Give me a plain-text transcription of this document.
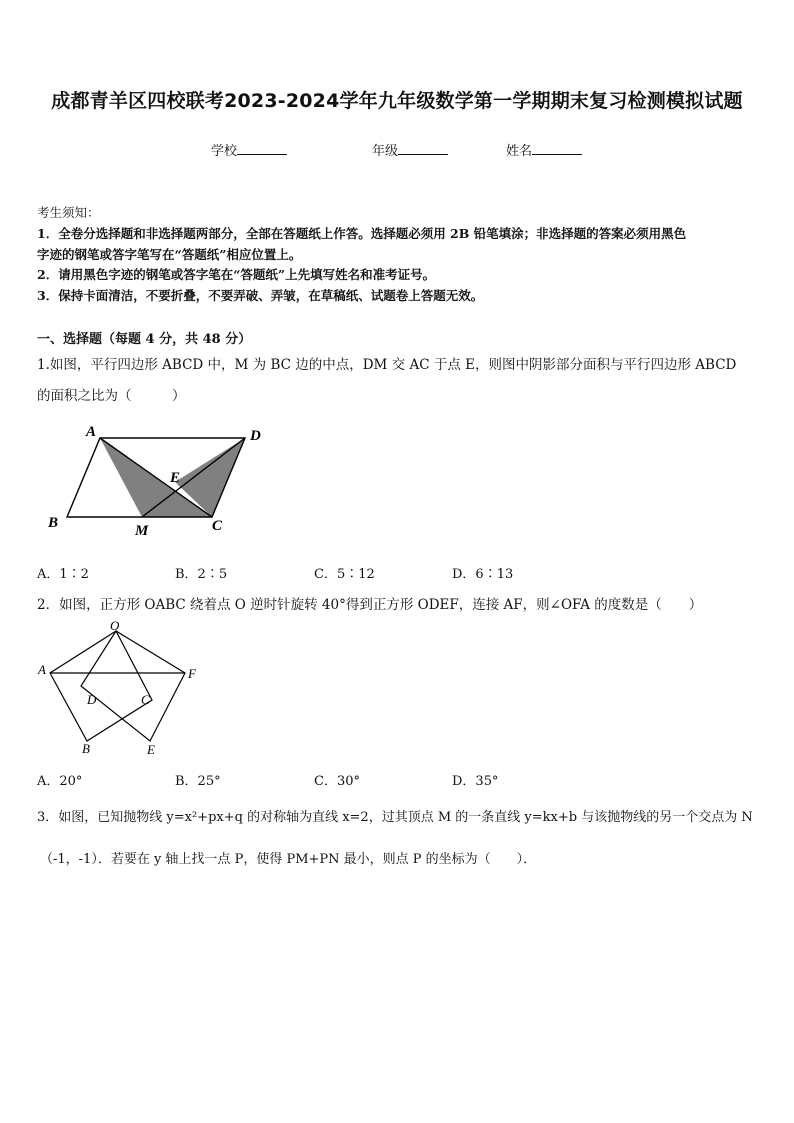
成都青羊区四校联考2023-2024学年九年级数学第一学期期末复习检测模拟试题
学校	年级	姓名
考生须知：
1．全卷分选择题和非选择题两部分，全部在答题纸上作答。选择题必须用 2B 铅笔填涂；非选择题的答案必须用黑色
字迹的钢笔或答字笔写在“答题纸”相应位置上。
2．请用黑色字迹的钢笔或答字笔在“答题纸”上先填写姓名和准考证号。
3．保持卡面清洁，不要折叠，不要弄破、弄皱，在草稿纸、试题卷上答题无效。
一、选择题（每题 4 分，共 48 分）
1.如图，平行四边形 ABCD 中，M 为 BC 边的中点，DM 交 AC 于点 E，则图中阴影部分面积与平行四边形 ABCD
的面积之比为（　　　）
A	D
E
B	M	C
A．1∶2	B．2∶5	C．5∶12	D．6∶13
2．如图，正方形 OABC 绕着点 O 逆时针旋转 40°得到正方形 ODEF，连接 AF，则∠OFA 的度数是（　　）
O
A	F
D	C
B	E
A．20°	B．25°	C．30°	D．35°
3．如图，已知抛物线 y=x²+px+q 的对称轴为直线 x=2，过其顶点 M 的一条直线 y=kx+b 与该抛物线的另一个交点为 N
（-1，-1）．若要在 y 轴上找一点 P，使得 PM+PN 最小，则点 P 的坐标为（　　）．
